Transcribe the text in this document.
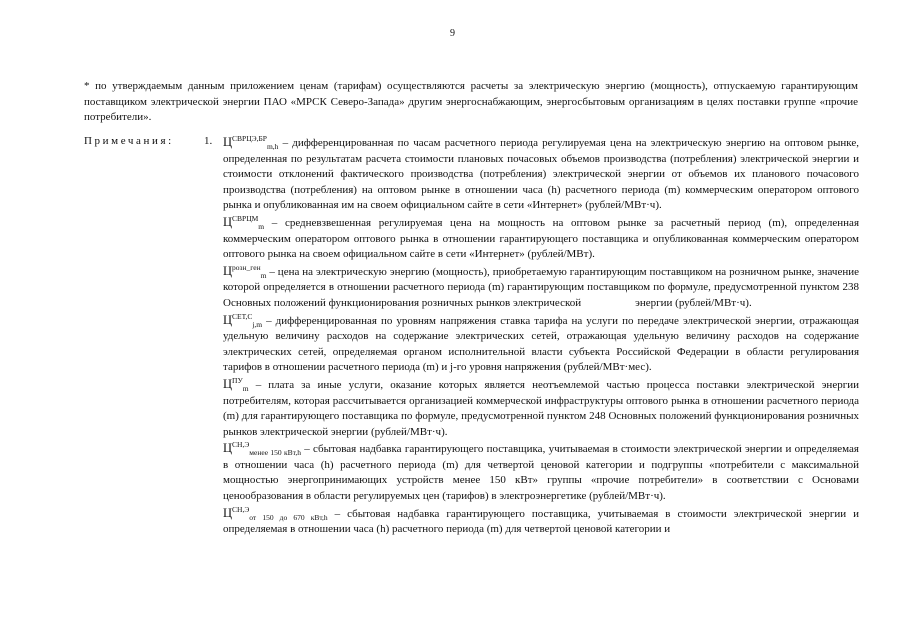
9
* по утверждаемым данным приложением ценам (тарифам) осуществляются расчеты за электрическую энергию (мощность), отпускаемую гарантирующим поставщиком электрической энергии ПАО «МРСК Северо-Запада» другим энергоснабжающим, энергосбытовым организациям в целях поставки группе «прочие потребители».
Примечания:	1. $Ц^{СВРЦЭ,БР}_{m,h}$ – дифференцированная по часам расчетного периода регулируемая цена на электрическую энергию на оптовом рынке, определенная по результатам расчета стоимости плановых почасовых объемов производства (потребления) электрической энергии и стоимости отклонений фактического производства (потребления) электрической энергии от объемов их планового почасового производства (потребления) на оптовом рынке в отношении часа (h) расчетного периода (m) коммерческим оператором оптового рынка и опубликованная им на своем официальном сайте в сети «Интернет» (рублей/МВт·ч).

$Ц^{СВРЦМ}_m$ – средневзвешенная регулируемая цена на мощность на оптовом рынке за расчетный период (m), определенная коммерческим оператором оптового рынка в отношении гарантирующего поставщика и опубликованная коммерческим оператором оптового рынка на своем официальном сайте в сети «Интернет» (рублей/МВт).

$Ц^{розн\_ген}_m$ – цена на электрическую энергию (мощность), приобретаемую гарантирующим поставщиком на розничном рынке, значение которой определяется в отношении расчетного периода (m) гарантирующим поставщиком по формуле, предусмотренной пунктом 238 Основных положений функционирования розничных рынков электрической	энергии (рублей/МВт·ч).

$Ц^{СЕТ,С}_{j,m}$ – дифференцированная по уровням напряжения ставка тарифа на услуги по передаче электрической энергии, отражающая удельную величину расходов на содержание электрических сетей, отражающая удельную величину расходов на содержание электрических сетей, определяемая органом исполнительной власти субъекта Российской Федерации в области регулирования тарифов в отношении расчетного периода (m) и j-го уровня напряжения (рублей/МВт·мес).

$Ц^{ПУ}_m$ – плата за иные услуги, оказание которых является неотъемлемой частью процесса поставки электрической энергии потребителям, которая рассчитывается организацией коммерческой инфраструктуры оптового рынка в отношении расчетного периода (m) для гарантирующего поставщика по формуле, предусмотренной пунктом 248 Основных положений функционирования розничных рынков электрической энергии (рублей/МВт·ч).

$Ц^{СН,Э}_{менее 150 кВт,h}$ – сбытовая надбавка гарантирующего поставщика, учитываемая в стоимости электрической энергии и определяемая в отношении часа (h) расчетного периода (m) для четвертой ценовой категории и подгруппы «потребители с максимальной мощностью энергопринимающих устройств менее 150 кВт» группы «прочие потребители» в соответствии с Основами ценообразования в области регулируемых цен (тарифов) в электроэнергетике (рублей/МВт·ч).

$Ц^{СН,Э}_{от 150 до 670 кВт,h}$ – сбытовая надбавка гарантирующего поставщика, учитываемая в стоимости электрической энергии и определяемая в отношении часа (h) расчетного периода (m) для четвертой ценовой категории и
